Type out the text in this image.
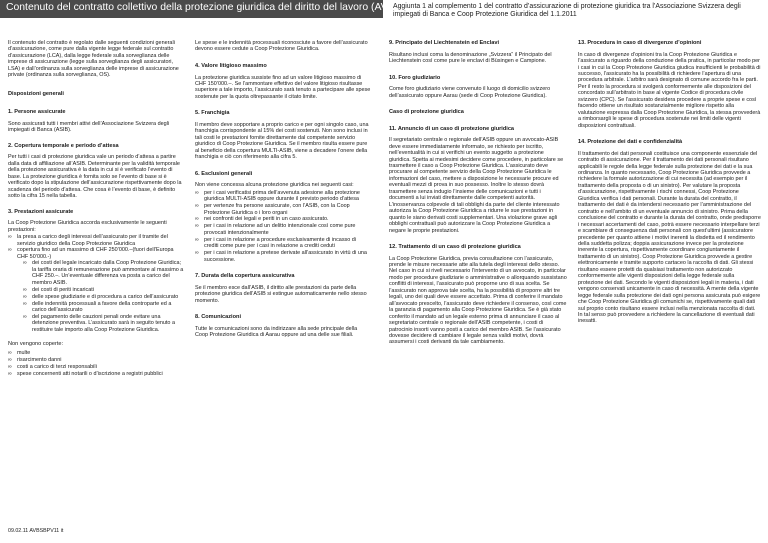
Contenuto del contratto collettivo della protezione giuridica del diritto del lavoro (AVBSBPV11)
Aggiunta 1 al complemento 1 del contratto d’assicurazione di protezione giuridica tra l’Associazione Svizzera degli impiegati di Banca e Coop Protezione Giuridica del 1.1.2011

Il contenuto del contratto è regolato dalle seguenti condizioni generali d’assicurazione, come pure dalla vigente legge federale sul contratto d’assicurazione (LCA), dalla legge federale sulla sorveglianza delle imprese di assicurazione (legge sulla sorveglianza degli assicuratori, LSA) e dall’ordinanza sulla sorveglianza delle imprese di assicurazione private (ordinanza sulla sorveglianza, OS).

Disposizioni generali
1. Persone assicurate

Sono assicurati tutti i membri attivi dell’Associazione Svizzera degli impiegati di Banca (ASIB).

2. Copertura temporale e periodo d’attesa

Per tutti i casi di protezione giuridica vale un periodo d’attesa a partire dalla data di affiliazione all’ASIB. Determinante per la validità temporale della protezione assicurativa è la data in cui si è verificato l’evento di base. La protezione giuridica è fornita solo se l’evento di base si è verificato dopo la stipulazione dell’assicurazione rispettivamente dopo la scadenza del periodo d’attesa. Che cosa è l’evento di base, è definito sotto la cifra 15 nella tabella.

3. Prestazioni assicurate

La Coop Protezione Giuridica accorda esclusivamente le seguenti prestazioni:

∞ la presa a carico degli interessi dell’assicurato per il tramite del servizio giuridico della Coop Protezione Giuridica
∞ copertura fino ad un massimo di CHF 250’000.–(fuori dell’Europa CHF 50’000.-)
∞ dei costi del legale incaricato dalla Coop Protezione Giuridica; la tariffa oraria di remunerazione può ammontare al massimo a CHF 250.–. Un’eventuale differenza va posta a carico del membro ASIB.
∞ dei costi di periti incaricati
∞ delle spese giudiziarie e di procedura a carico dell’assicurato
∞ delle indennità processuali a favore della controparte ed a carico dell’assicurato
∞ del pagamento delle cauzioni penali onde evitare una detenzione preventiva. L’assicurato sarà in seguito tenuto a restituire tale importo alla Coop Protezione Giuridica.
Non vengono coperte:
∞ multe
∞ risarcimento danni
∞ costi a carico di terzi responsabili
∞ spese concernenti atti notarili o d’iscrizione a registri pubblici

Le spese e le indennità processuali riconosciute a favore dell’assicurato devono essere cedute a Coop Protezione Giuridica.

4. Valore litigioso massimo

La protezione giuridica sussiste fino ad un valore litigioso massimo di CHF 150’000.–. Se l’ammontare effettivo del valore litigioso risultasse superiore a tale importo, l’assicurato sarà tenuto a partecipare alle spese sostenute per la quota oltrepassante il citato limite.

5. Franchigia

Il membro deve sopportare a proprio carico e per ogni singolo caso, una franchigia corrispondente al 15% dei costi sostenuti. Non sono inclusi in tali costi le prestazioni fornite direttamente dal competente servizio giuridico di Coop Protezione Giuridica. Se il membro risulta essere pure al beneficio della copertura MULTI-ASIB, viene a decadere l’onere della franchigia e ciò con riferimento alla cifra 5.

6. Esclusioni generali

Non viene concessa alcuna protezione giuridica nei seguenti casi:

∞ per i casi verificatisi prima dell’avvenuta adesione alla protezione giuridica MULTI-ASIB oppure durante il previsto periodo d’attesa
∞ per vertenze fra persone assicurate, con l’ASIB, con la Coop Protezione Giuridica o i loro organi
∞ nei confronti dei legali e periti in un caso assicurato.
∞ per i casi in relazione ad un delitto intenzionale così come pure provocati intenzionalmente
∞ per i casi in relazione a procedure esclusivamente di incasso di crediti come pure per i casi in relazione a crediti ceduti
∞ per i casi in relazione a pretese derivate all’assicurato in virtù di una successione.
7. Durata della copertura assicurativa

Se il membro esce dall’ASIB, il diritto alle prestazioni da parte della protezione giuridica dell’ASIB si estingue automaticamente nello stesso momento.

8. Comunicazioni

Tutte le comunicazioni sono da indirizzare alla sede principale della Coop Protezione Giuridica di Aarau oppure ad una delle sue filiali.

9. Principato del Liechtenstein ed Enclavi

Risultano inclusi coma la denominazione „Svizzera“ il Principato del Liechtenstein così come pure le enclavi di Büsingen e Campione.

10. Foro giudiziario

Come foro giudiziario viene convenuto il luogo di domicilio svizzero dell’assicurato oppure Aarau (sede di Coop Protezione Giuridica).

Caso di protezione giuridica
11. Annuncio di un caso di protezione giuridica

Il segretariato centrale o regionale dell’ASIB oppure un avvocato-ASIB deve essere immediatamente informato, se richiesto per iscritto, nell’eventualità in cui si verifichi un evento suggetto a protezione giuridica. Spetta ai medesimi decidere come procedere, in particolare se trasmettere il caso a Coop Protezione Giuridica. L’assicurato deve procurare al competente servizio della Coop Protezione Giuridica le informazioni del caso, mettere a disposizione le necessarie procure ed eventuali mezzi di prova in suo possesso. Inoltre lo stesso dovrà trasmettere senza indugio l’insieme delle comunicazioni e tutti i documenti a lui inviati direttamente dalle competenti autorità. L’inosservanza colpevole di tali obblighi da parte del cliente interessato autorizza la Coop Protezione Giuridica a ridurre le sue prestazioni in quanto le siano derivati costi supplementari. Una violazione grave agli obblighi contrattuali può autorizzare la Coop Protezione Giuridica a negare le proprie prestazioni.

12. Trattamento di un caso di protezione giuridica

La Coop Protezione Giuridica, previa consultazione con l’assicurato, prende le misure necessarie atte alla tutela degli interessi dello stesso. Nel caso in cui si riveli necessario l’intervento di un avvocato, in particolar modo per procedure giudiziarie o amministrative o allorquando sussistano conflitti di interessi, l’assicurato può proporne uno di sua scelta. Se l’assicurato non approva tale scelta, ha la possibilità di proporre altri tre legali, uno dei quali deve essere accettato. Prima di conferire il mandato all’avvocato prescelto, l’assicurato deve richiedere il consenso, così come la garanzia di pagamento alla Coop Protezione Giuridica. Se è già stato conferito il mandato ad un legale esterno prima di annunciare il caso al segretariato centrale o regionale dell’ASIB competente, i costi di patrocinio insorti vanno posti a carico del membro ASIB. Se l’assicurato dovesse decidere di cambiare il legale senza validi motivi, dovrà assumersi i costi derivanti da tale cambiamento.

13. Procedura in caso di divergenze d’opinioni

In caso di divergenze d’opinioni tra la Coop Protezione Giuridica e l’assicurato a riguardo della conduzione della pratica, in particolar modo per i casi in cui la Coop Protezione Giuridica giudica insufficienti le probabilità di successo, l’assicurato ha la possibilità di richiedere l’apertura di una procedura arbitrale. L’arbitro sarà designato di comune accordo fra le parti. Per il resto la procedura si svolgerà conformemente alle disposizioni del concordato sull’arbitrato in base al vigente Codice di procedura civile svizzero (CPC). Se l’assicurato desidera procedere a proprie spese e così facendo ottiene un risultato sostanzialmente migliore rispetto alla valutazione espressa dalla Coop Protezione Giuridica, la stessa provvederà a rimborsargli le spese di procedura sostenute nei limiti delle vigenti disposizioni contrattuali.

14. Protezione dei dati e confidenzialità

Il trattamento dei dati personali costituisce una componente essenziale del contratto di assicurazione. Per il trattamento dei dati personali risultano applicabili le regole della legge federale sulla protezione dei dati e la sua ordinanza. In quanto necessario, Coop Protezione Giuridica provvede a richiedere la formale autorizzazione di cui necessita (ad esempio per il trattamento della proposta o di un sinistro). Per valutare la proposta d’assicurazione, rispettivamente i rischi connessi, Coop Protezione Giuridica verifica i dati personali. Durante la durata del contratto, il trattamento dei dati è da intendersi necessario per l’amministrazione del contratto e nell’ambito di un eventuale annuncio di sinistro. Prima della conclusione del contratto e durante la durata del contratto, onde predisporre i necessari accertamenti del caso, potrà essere necessario interpellare terzi e scambiare di conseguenza dati personali con quest’ultimi (assicuratore precedente per quanto attiene i motivi inerenti la disdetta ed il rendimento della suddetta polizza; doppia assicurazione invece per la protezione inerente la copertura, rispettivamente coordinare congiuntamente il trattamento di un sinistro). Coop Protezione Giuridica provvede a gestire elettronicamente e tramite supporto cartaceo la raccolta di dati. Gli stessi risultano essere protetti da qualsiasi trattamento non autorizzato conformemente alle vigenti disposizioni della legge federale sulla protezione dei dati. Secondo le vigenti disposizioni legali in materia, i dati vengono conservati unicamente in caso di necessità. A mente della vigente legge federale sulla protezione dei dati ogni persona assicurata può esigere che Coop Protezione Giuridica gli comunichi se, rispettivamente quali dati sul proprio conto risultano essere inclusi nella menzionata raccolta di dati. In tal senso può provvedere a richiedere la cancellazione di eventuali dati inesatti.

09.02.11 AVBSBPV11 it
